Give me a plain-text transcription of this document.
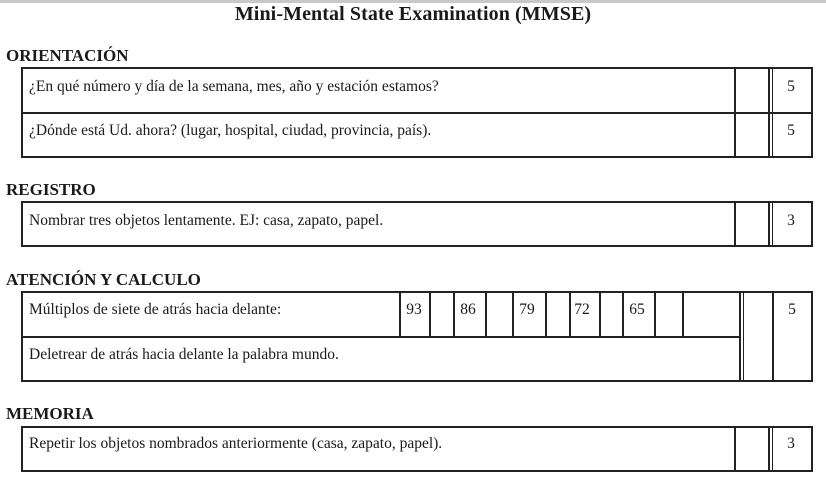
Mini-Mental State Examination (MMSE)
ORIENTACIÓN
¿En qué número y día de la semana, mes, año y estación estamos?	5
¿Dónde está Ud. ahora? (lugar, hospital, ciudad, provincia, país).	5
REGISTRO
Nombrar tres objetos lentamente. EJ: casa, zapato, papel.	3
ATENCIÓN Y CALCULO
Múltiplos de siete de atrás hacia delante:	93	86	79	72	65	5
Deletrear de atrás hacia delante la palabra mundo.
MEMORIA
Repetir los objetos nombrados anteriormente (casa, zapato, papel).	3
